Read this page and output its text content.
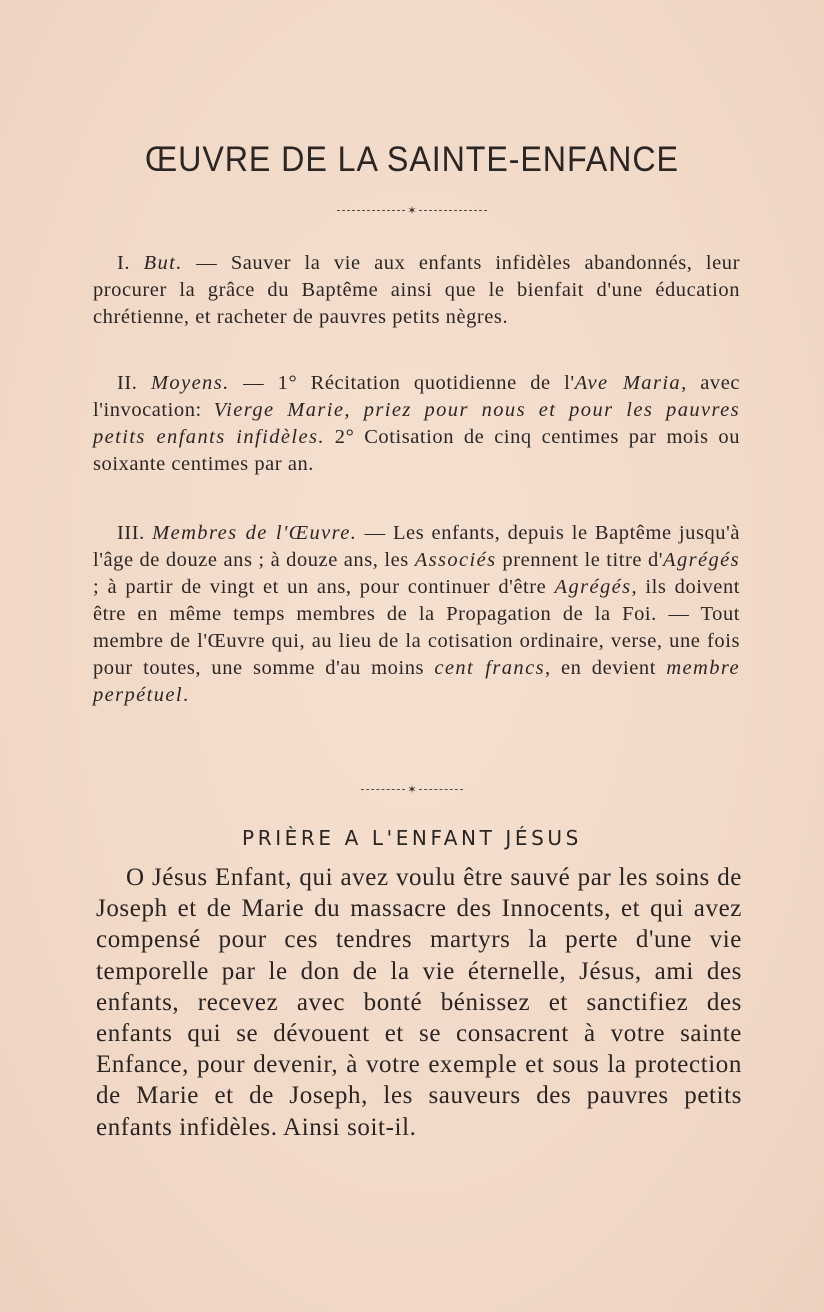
ŒUVRE DE LA SAINTE-ENFANCE
✶

I. But. — Sauver la vie aux enfants infidèles abandonnés, leur procurer la grâce du Baptême ainsi que le bienfait d'une éducation chrétienne, et racheter de pauvres petits nègres.

II. Moyens. — 1° Récitation quotidienne de l'Ave Maria, avec l'invocation: Vierge Marie, priez pour nous et pour les pauvres petits enfants infidèles. 2° Cotisation de cinq centimes par mois ou soixante centimes par an.

III. Membres de l'Œuvre. — Les enfants, depuis le Baptême jusqu'à l'âge de douze ans ; à douze ans, les Associés prennent le titre d'Agrégés ; à partir de vingt et un ans, pour continuer d'être Agrégés, ils doivent être en même temps membres de la Propagation de la Foi. — Tout membre de l'Œuvre qui, au lieu de la cotisation ordinaire, verse, une fois pour toutes, une somme d'au moins cent francs, en devient membre perpétuel.

✶
PRIÈRE A L'ENFANT JÉSUS

O Jésus Enfant, qui avez voulu être sauvé par les soins de Joseph et de Marie du massacre des Innocents, et qui avez compensé pour ces tendres martyrs la perte d'une vie temporelle par le don de la vie éternelle, Jésus, ami des enfants, recevez avec bonté bénissez et sanctifiez des enfants qui se dévouent et se consacrent à votre sainte Enfance, pour devenir, à votre exemple et sous la protection de Marie et de Joseph, les sauveurs des pauvres petits enfants infidèles. Ainsi soit-il.
